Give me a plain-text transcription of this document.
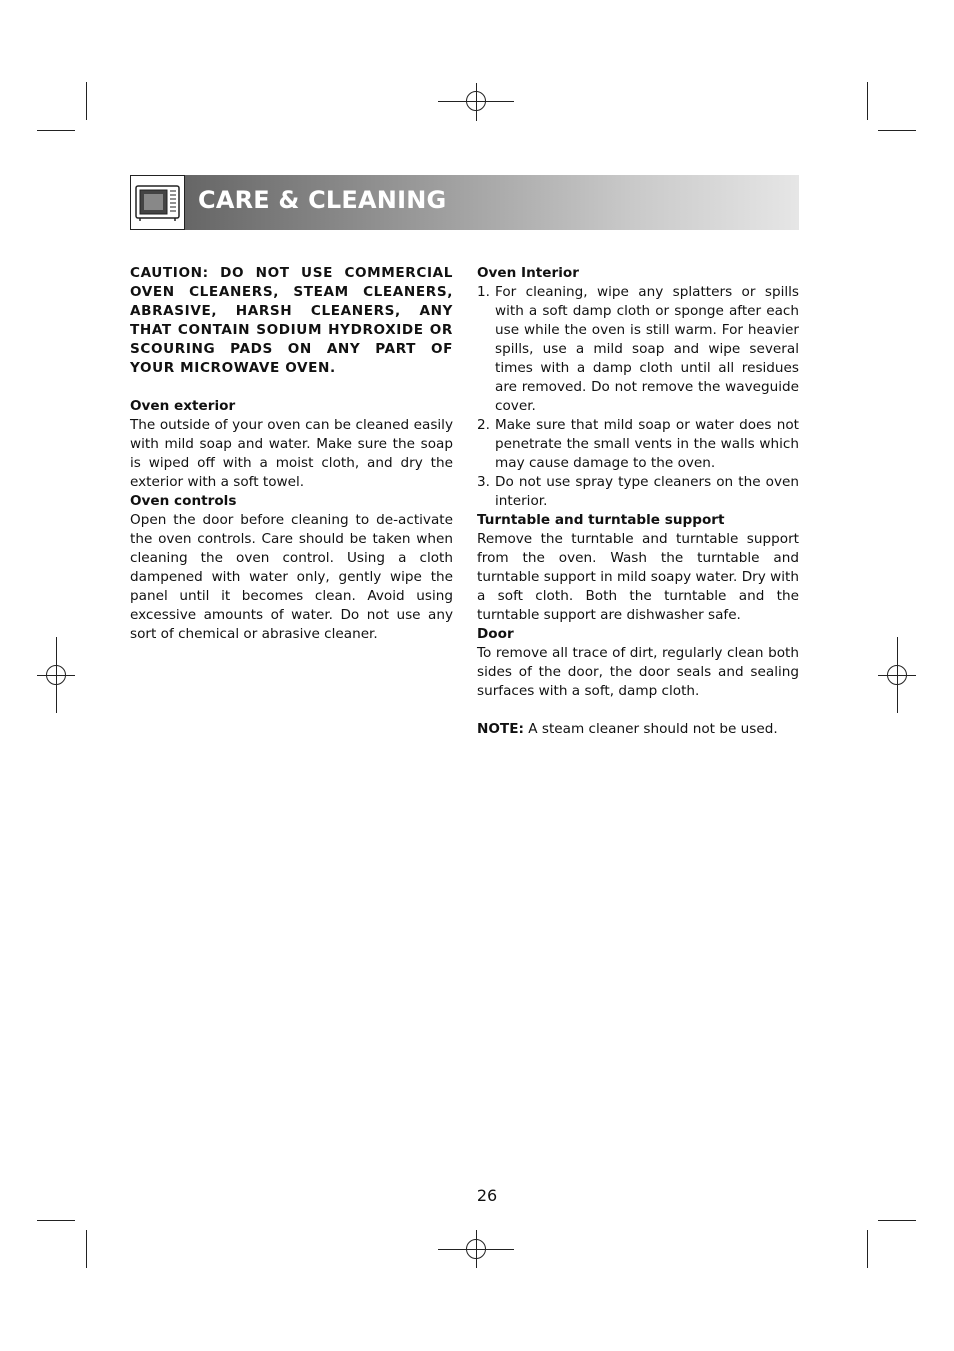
CARE & CLEANING

CAUTION: DO NOT USE COMMERCIAL OVEN CLEANERS, STEAM CLEANERS, ABRASIVE, HARSH CLEANERS, ANY THAT CONTAIN SODIUM HYDROXIDE OR SCOURING PADS ON ANY PART OF YOUR MICROWAVE OVEN.

Oven exterior

The outside of your oven can be cleaned easily with mild soap and water. Make sure the soap is wiped off with a moist cloth, and dry the exterior with a soft towel.

Oven controls

Open the door before cleaning to de-activate the oven controls. Care should be taken when cleaning the oven control. Using a cloth dampened with water only, gently wipe the panel until it becomes clean. Avoid using excessive amounts of water. Do not use any sort of chemical or abrasive cleaner.

Oven Interior

1. For cleaning, wipe any splatters or spills with a soft damp cloth or sponge after each use while the oven is still warm. For heavier spills, use a mild soap and wipe several times with a damp cloth until all residues are removed. Do not remove the waveguide cover.
2. Make sure that mild soap or water does not penetrate the small vents in the walls which may cause damage to the oven.
3. Do not use spray type cleaners on the oven interior.

Turntable and turntable support

Remove the turntable and turntable support from the oven. Wash the turntable and turntable support in mild soapy water. Dry with a soft cloth. Both the turntable and the turntable support are dishwasher safe.

Door

To remove all trace of dirt, regularly clean both sides of the door, the door seals and sealing surfaces with a soft, damp cloth.

NOTE: A steam cleaner should not be used.

26
